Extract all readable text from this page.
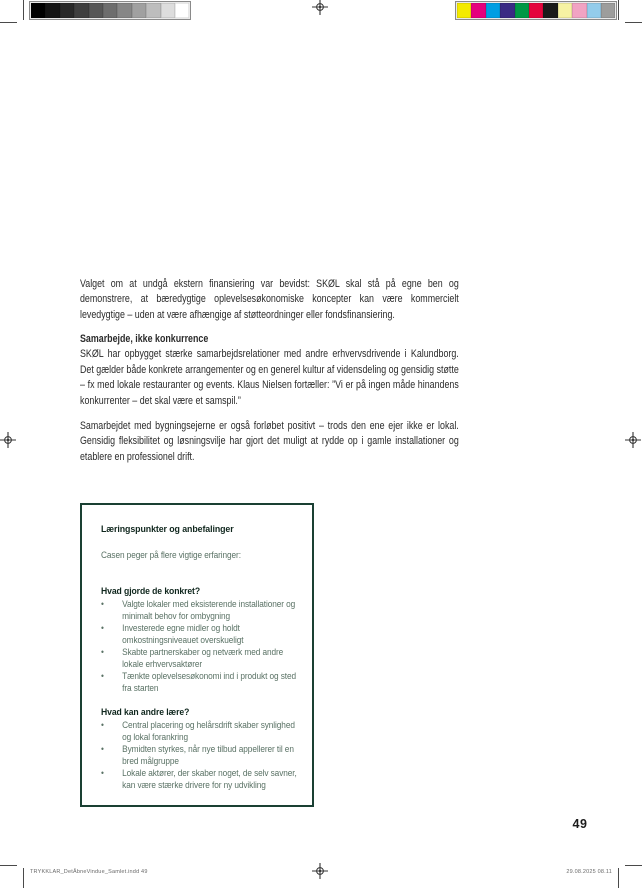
Valget om at undgå ekstern finansiering var bevidst: SKØL skal stå på egne ben og demonstrere, at bæredygtige oplevelsesøkonomiske koncepter kan være kommercielt levedygtige – uden at være afhængige af støtteordninger eller fondsfinansiering.

Samarbejde, ikke konkurrence

SKØL har opbygget stærke samarbejdsrelationer med andre erhvervsdrivende i Kalundborg. Det gælder både konkrete arrangementer og en generel kultur af vidensdeling og gensidig støtte – fx med lokale restauranter og events. Klaus Nielsen fortæller: ”Vi er på ingen måde hinandens konkurrenter – det skal være et samspil.”

Samarbejdet med bygningsejerne er også forløbet positivt – trods den ene ejer ikke er lokal. Gensidig fleksibilitet og løsningsvilje har gjort det muligt at rydde op i gamle installationer og etablere en professionel drift.

Læringspunkter og anbefalinger

Casen peger på flere vigtige erfaringer:

Hvad gjorde de konkret?

•	Valgte lokaler med eksisterende installationer og minimalt behov for ombygning
•	Investerede egne midler og holdt omkostningsniveauet overskueligt
•	Skabte partnerskaber og netværk med andre lokale erhvervsaktører
•	Tænkte oplevelsesøkonomi ind i produkt og sted fra starten

Hvad kan andre lære?

•	Central placering og helårsdrift skaber synlighed og lokal forankring
•	Bymidten styrkes, når nye tilbud appellerer til en bred målgruppe
•	Lokale aktører, der skaber noget, de selv savner, kan være stærke drivere for ny udvikling
49
TRYKKLAR_DetÅbneVindue_Samlet.indd 49	29.08.2025 08.11
